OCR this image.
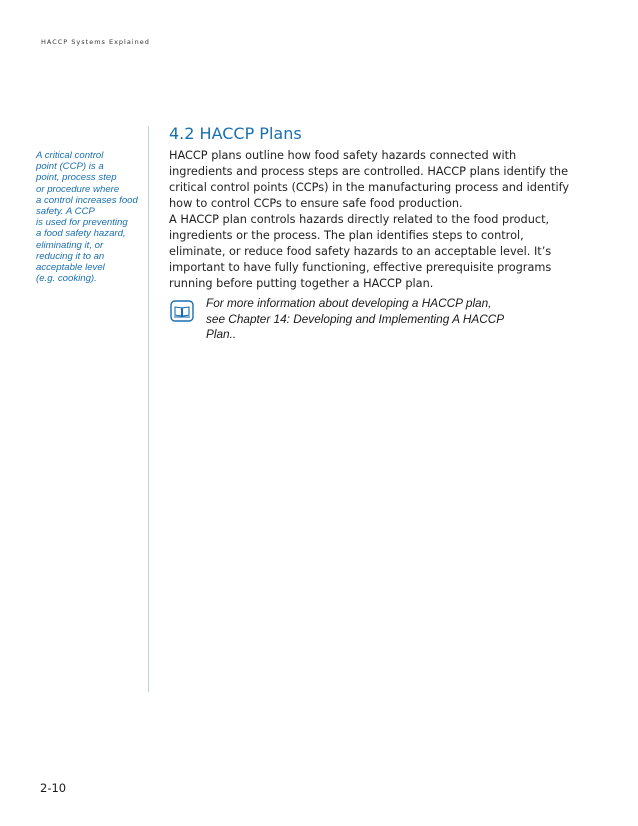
HACCP Systems Explained
A critical control
point (CCP) is a
point, process step
or procedure where
a control increases food
safety. A CCP
is used for preventing
a food safety hazard,
eliminating it, or
reducing it to an
acceptable level
(e.g. cooking).
4.2 HACCP Plans
HACCP plans outline how food safety hazards connected with
ingredients and process steps are controlled. HACCP plans identify the
critical control points (CCPs) in the manufacturing process and identify
how to control CCPs to ensure safe food production.
A HACCP plan controls hazards directly related to the food product,
ingredients or the process. The plan identifies steps to control,
eliminate, or reduce food safety hazards to an acceptable level. It’s
important to have fully functioning, effective prerequisite programs
running before putting together a HACCP plan.
For more information about developing a HACCP plan,
see Chapter 14: Developing and Implementing A HACCP
Plan..
2-10
